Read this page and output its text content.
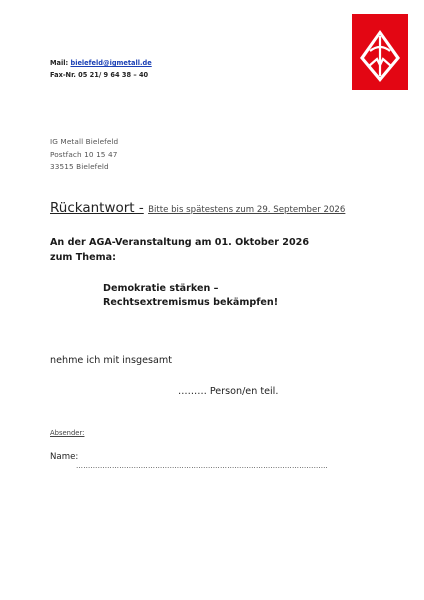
Mail: bielefeld@igmetall.de
Fax-Nr. 05 21/ 9 64 38 – 40
IG Metall Bielefeld
Postfach 10 15 47
33515 Bielefeld
Rückantwort - Bitte bis spätestens zum 29. September 2026
An der AGA-Veranstaltung am 01. Oktober 2026
zum Thema:
Demokratie stärken –
Rechtsextremismus bekämpfen!
nehme ich mit insgesamt
……… Person/en teil.
Absender:
Name:
……………………………………………………………………………………………
